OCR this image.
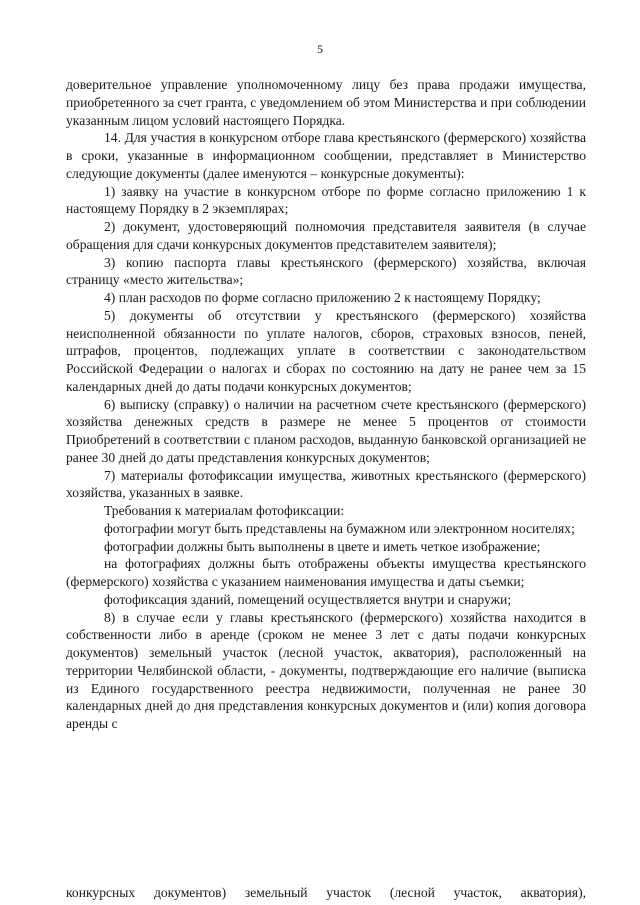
5

доверительное управление уполномоченному лицу без права продажи имущества, приобретенного за счет гранта, с уведомлением об этом Министерства и при соблюдении указанным лицом условий настоящего Порядка.

14. Для участия в конкурсном отборе глава крестьянского (фермерского) хозяйства в сроки, указанные в информационном сообщении, представляет в Министерство следующие документы (далее именуются – конкурсные документы):

1) заявку на участие в конкурсном отборе по форме согласно приложению 1 к настоящему Порядку в 2 экземплярах;

2) документ, удостоверяющий полномочия представителя заявителя (в случае обращения для сдачи конкурсных документов представителем заявителя);

3) копию паспорта главы крестьянского (фермерского) хозяйства, включая страницу «место жительства»;

4) план расходов по форме согласно приложению 2 к настоящему Порядку;

5) документы об отсутствии у крестьянского (фермерского) хозяйства неисполненной обязанности по уплате налогов, сборов, страховых взносов, пеней, штрафов, процентов, подлежащих уплате в соответствии с законодательством Российской Федерации о налогах и сборах по состоянию на дату не ранее чем за 15 календарных дней до даты подачи конкурсных документов;

6) выписку (справку) о наличии на расчетном счете крестьянского (фермерского) хозяйства денежных средств в размере не менее 5 процентов от стоимости Приобретений в соответствии с планом расходов, выданную банковской организацией не ранее 30 дней до даты представления конкурсных документов;

7) материалы фотофиксации имущества, животных крестьянского (фермерского) хозяйства, указанных в заявке.

Требования к материалам фотофиксации:

фотографии могут быть представлены на бумажном или электронном носителях;

фотографии должны быть выполнены в цвете и иметь четкое изображение;

на фотографиях должны быть отображены объекты имущества крестьянского (фермерского) хозяйства с указанием наименования имущества и даты съемки;

фотофиксация зданий, помещений осуществляется внутри и снаружи;

8) в случае если у главы крестьянского (фермерского) хозяйства находится в собственности либо в аренде (сроком не менее 3 лет с даты подачи конкурсных документов) земельный участок (лесной участок, акватория), расположенный на территории Челябинской области, - документы, подтверждающие его наличие (выписка из Единого государственного реестра недвижимости, полученная не ранее 30 календарных дней до дня представления конкурсных документов и (или) копия договора аренды с

конкурсных документов) земельный участок (лесной участок, акватория),
